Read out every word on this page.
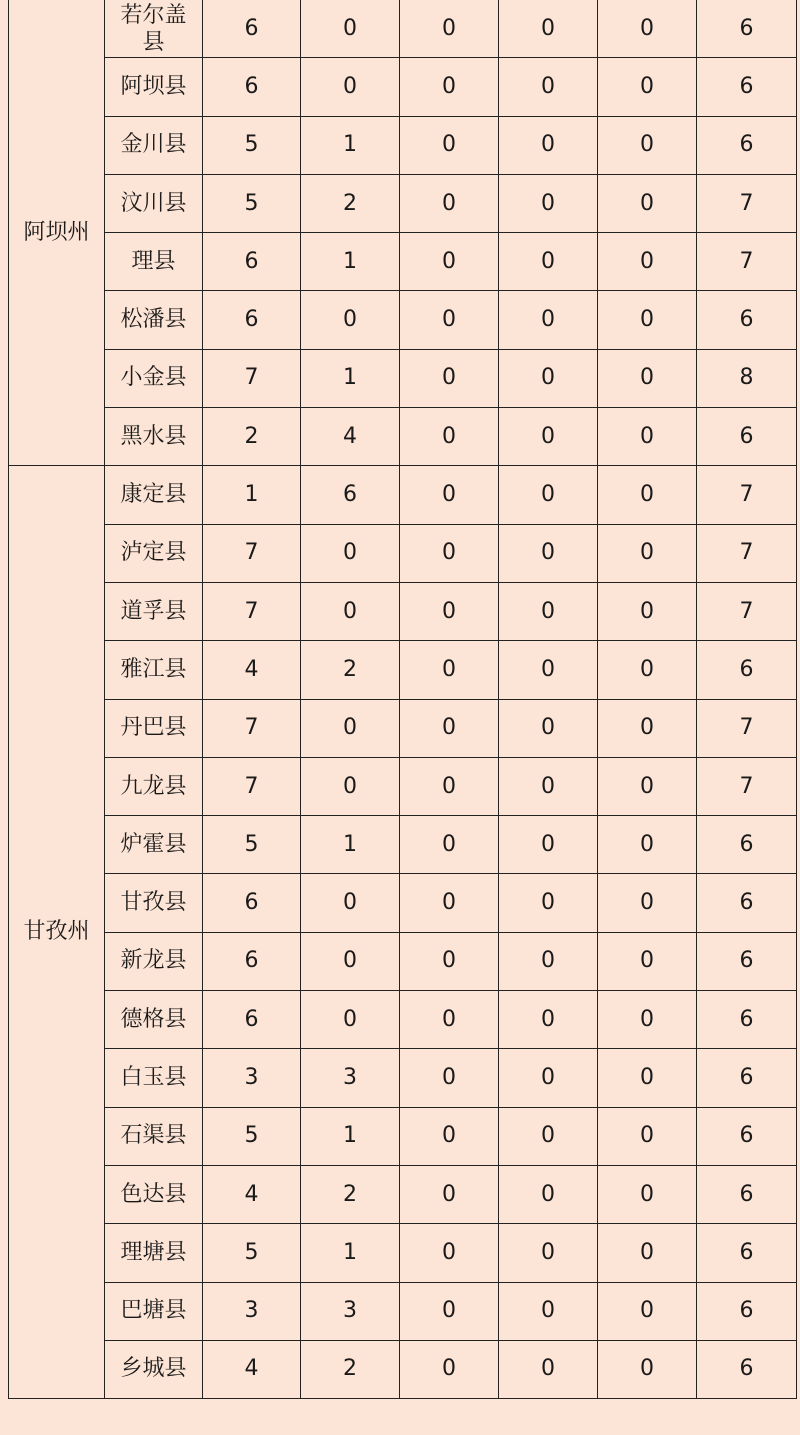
阿坝州	若尔盖县	6	0	0	0	0	6
	阿坝县	6	0	0	0	0	6
	金川县	5	1	0	0	0	6
	汶川县	5	2	0	0	0	7
	理县	6	1	0	0	0	7
	松潘县	6	0	0	0	0	6
	小金县	7	1	0	0	0	8
	黑水县	2	4	0	0	0	6
甘孜州	康定县	1	6	0	0	0	7
	泸定县	7	0	0	0	0	7
	道孚县	7	0	0	0	0	7
	雅江县	4	2	0	0	0	6
	丹巴县	7	0	0	0	0	7
	九龙县	7	0	0	0	0	7
	炉霍县	5	1	0	0	0	6
	甘孜县	6	0	0	0	0	6
	新龙县	6	0	0	0	0	6
	德格县	6	0	0	0	0	6
	白玉县	3	3	0	0	0	6
	石渠县	5	1	0	0	0	6
	色达县	4	2	0	0	0	6
	理塘县	5	1	0	0	0	6
	巴塘县	3	3	0	0	0	6
	乡城县	4	2	0	0	0	6
